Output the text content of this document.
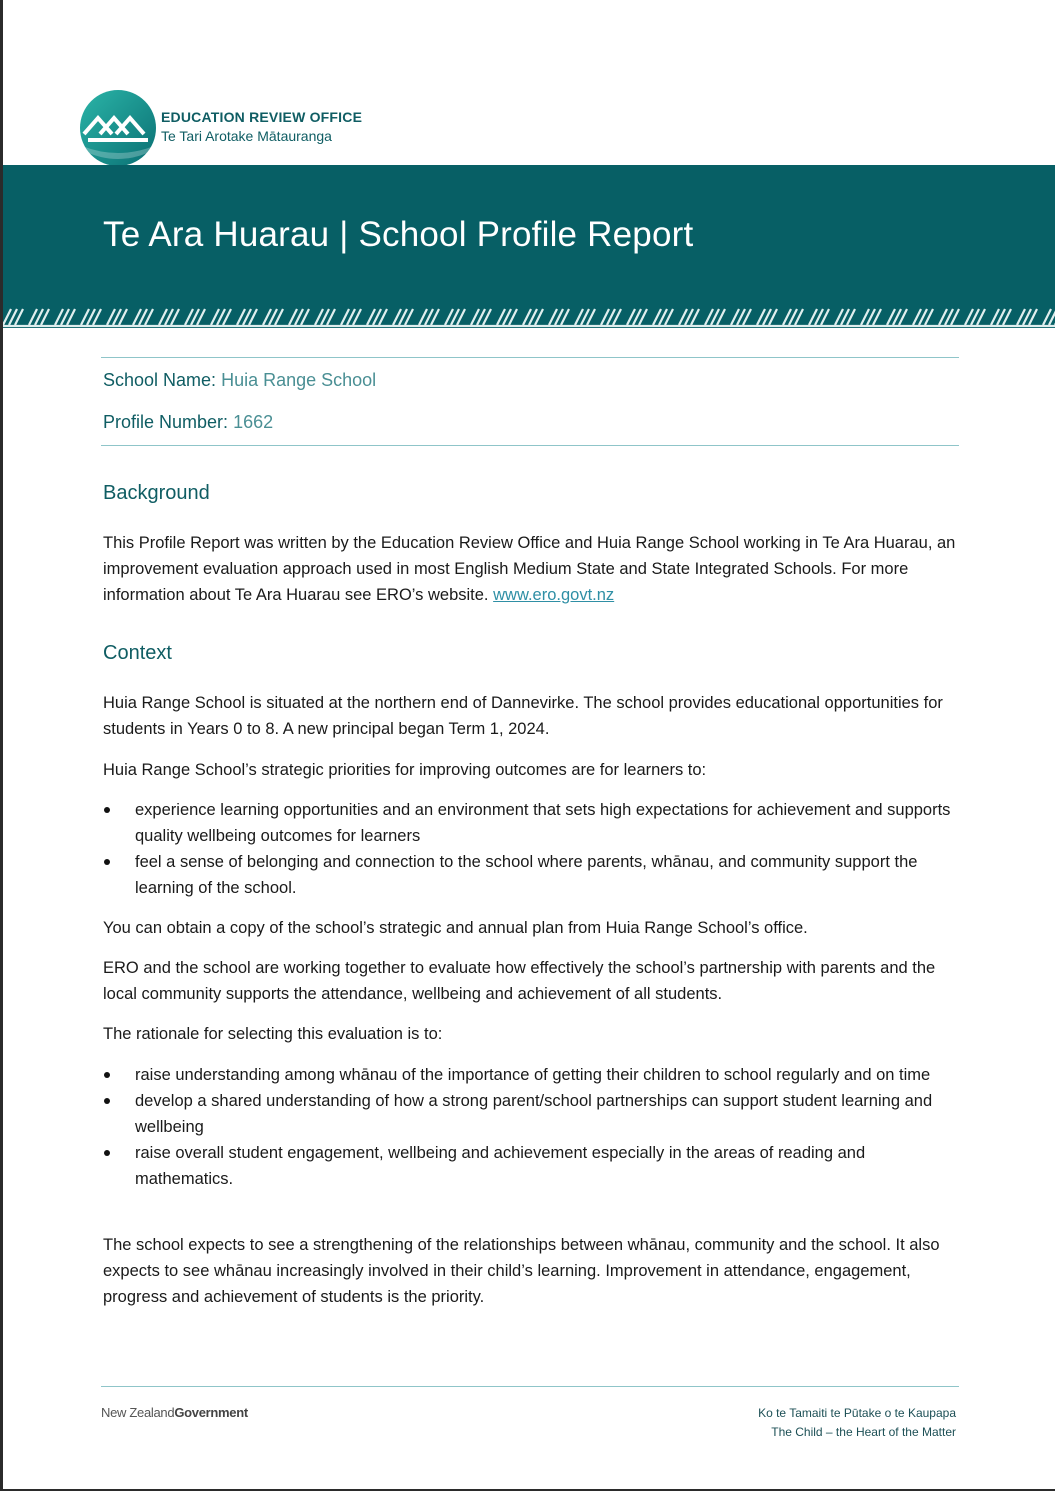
EDUCATION REVIEW OFFICE
Te Tari Arotake Mātauranga
Te Ara Huarau | School Profile Report
School Name: Huia Range School
Profile Number: 1662
Background
This Profile Report was written by the Education Review Office and Huia Range School working in Te Ara Huarau, an improvement evaluation approach used in most English Medium State and State Integrated Schools. For more information about Te Ara Huarau see ERO’s website. www.ero.govt.nz
Context
Huia Range School is situated at the northern end of Dannevirke. The school provides educational opportunities for students in Years 0 to 8. A new principal began Term 1, 2024.
Huia Range School’s strategic priorities for improving outcomes are for learners to:
experience learning opportunities and an environment that sets high expectations for achievement and supports quality wellbeing outcomes for learners
feel a sense of belonging and connection to the school where parents, whānau, and community support the learning of the school.
You can obtain a copy of the school’s strategic and annual plan from Huia Range School’s office.
ERO and the school are working together to evaluate how effectively the school’s partnership with parents and the local community supports the attendance, wellbeing and achievement of all students.
The rationale for selecting this evaluation is to:
raise understanding among whānau of the importance of getting their children to school regularly and on time
develop a shared understanding of how a strong parent/school partnerships can support student learning and wellbeing
raise overall student engagement, wellbeing and achievement especially in the areas of reading and mathematics.
The school expects to see a strengthening of the relationships between whānau, community and the school. It also expects to see whānau increasingly involved in their child’s learning. Improvement in attendance, engagement, progress and achievement of students is the priority.
New ZealandGovernment	Ko te Tamaiti te Pūtake o te Kaupapa
The Child – the Heart of the Matter
